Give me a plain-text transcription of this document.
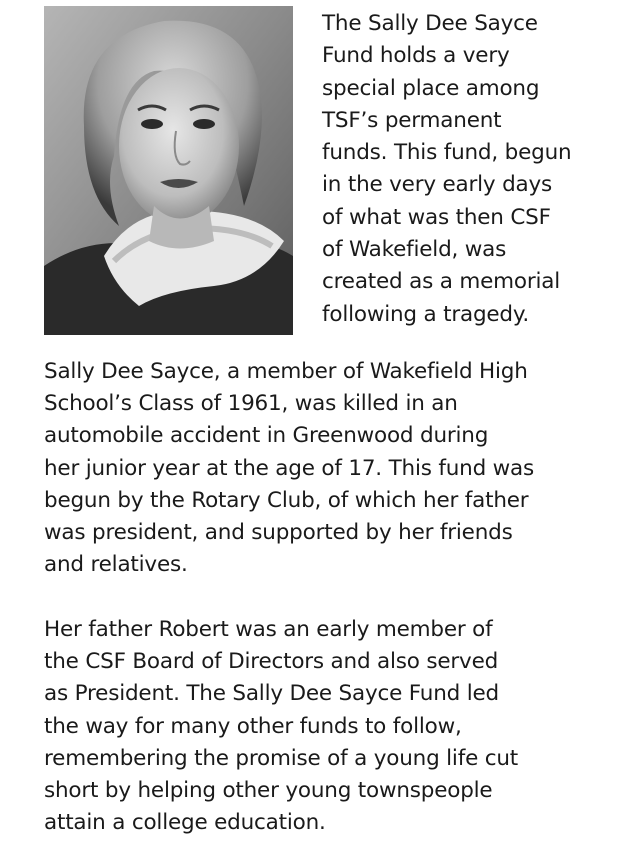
The Sally Dee Sayce
Fund holds a very
special place among
TSF’s permanent
funds. This fund, begun
in the very early days
of what was then CSF
of Wakefield, was
created as a memorial
following a tragedy.

Sally Dee Sayce, a member of Wakefield High
School’s Class of 1961, was killed in an
automobile accident in Greenwood during
her junior year at the age of 17. This fund was
begun by the Rotary Club, of which her father
was president, and supported by her friends
and relatives.

Her father Robert was an early member of
the CSF Board of Directors and also served
as President. The Sally Dee Sayce Fund led
the way for many other funds to follow,
remembering the promise of a young life cut
short by helping other young townspeople
attain a college education.
